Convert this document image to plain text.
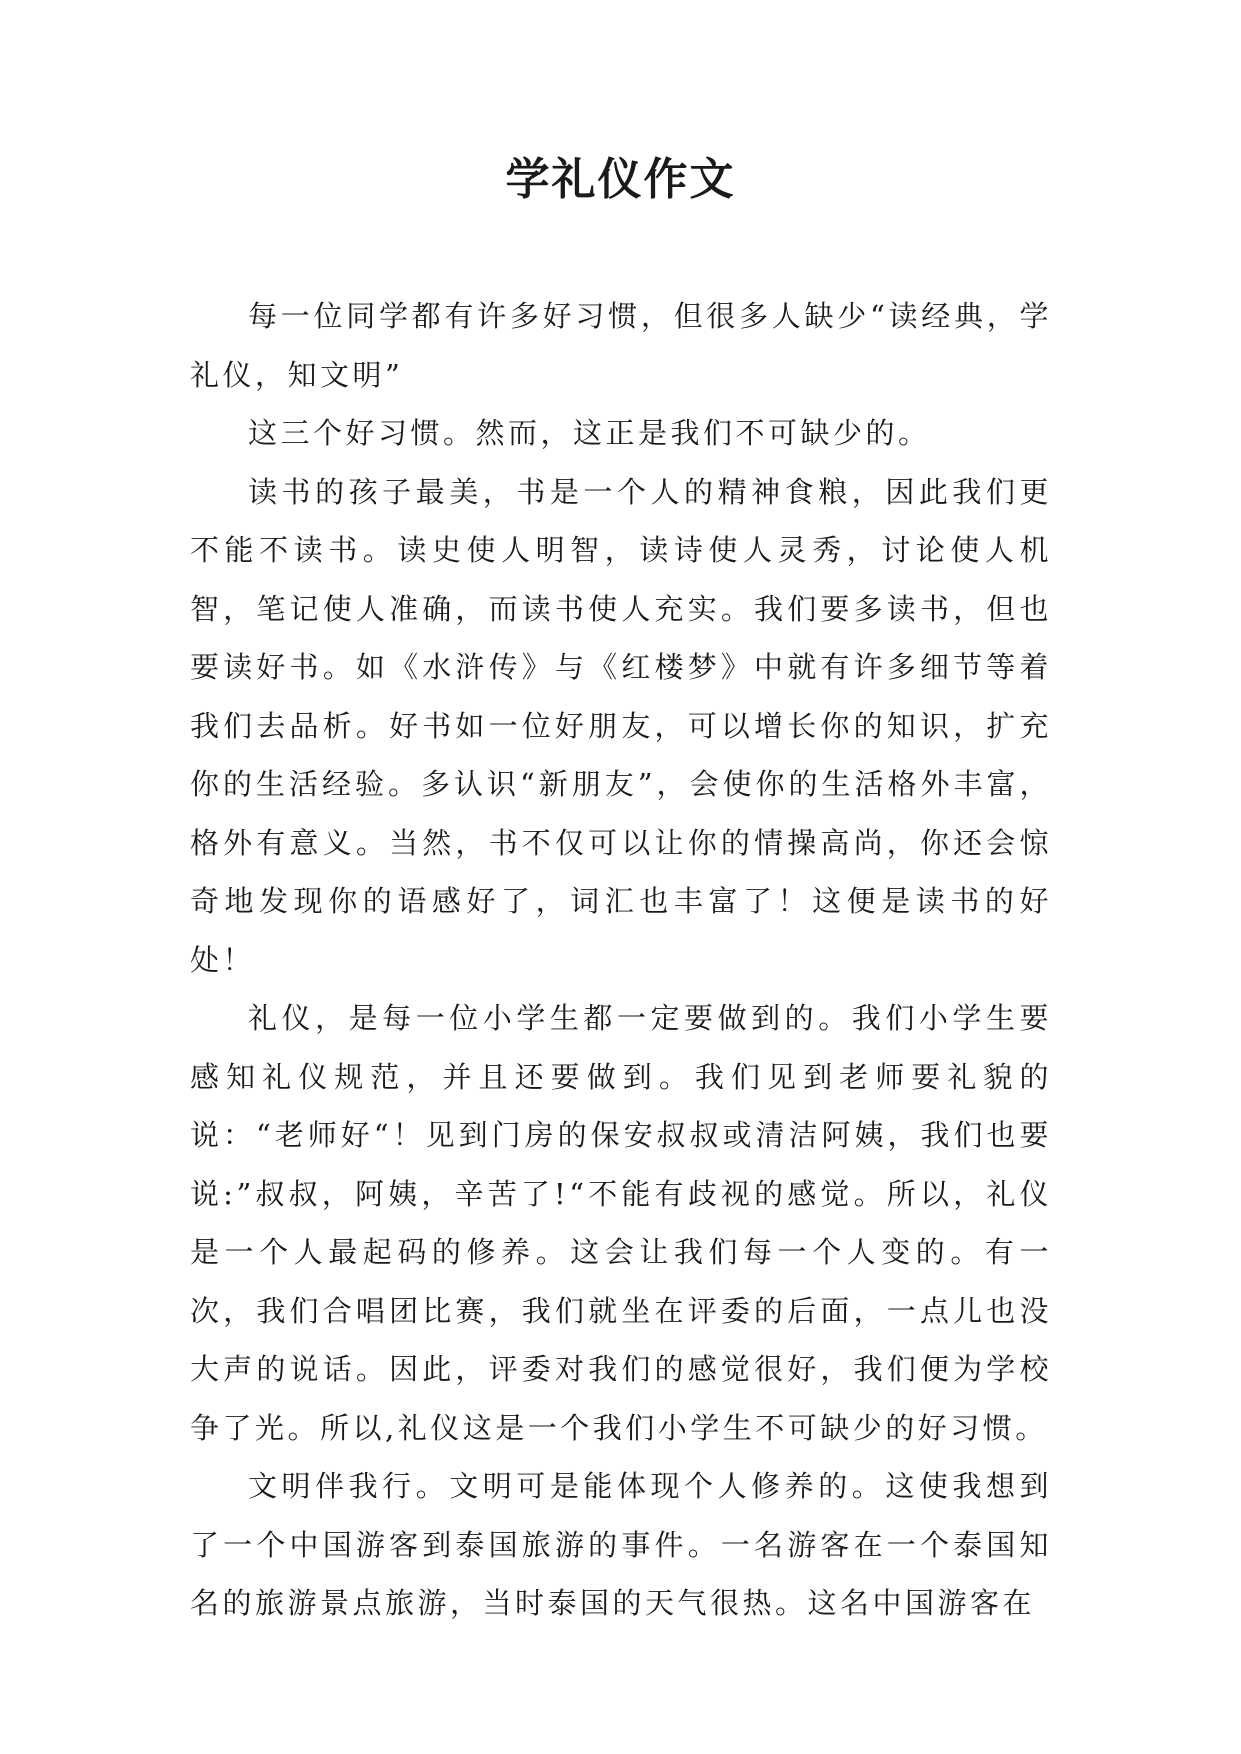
学礼仪作文

每一位同学都有许多好习惯，但很多人缺少“读经典，学礼仪，知文明”

这三个好习惯。然而，这正是我们不可缺少的。

读书的孩子最美，书是一个人的精神食粮，因此我们更不能不读书。读史使人明智，读诗使人灵秀，讨论使人机智，笔记使人准确，而读书使人充实。我们要多读书，但也要读好书。如《水浒传》与《红楼梦》中就有许多细节等着我们去品析。好书如一位好朋友，可以增长你的知识，扩充你的生活经验。多认识“新朋友”，会使你的生活格外丰富，格外有意义。当然，书不仅可以让你的情操高尚，你还会惊奇地发现你的语感好了，词汇也丰富了！这便是读书的好处！

礼仪，是每一位小学生都一定要做到的。我们小学生要感知礼仪规范，并且还要做到。我们见到老师要礼貌的说：“老师好“！见到门房的保安叔叔或清洁阿姨，我们也要说:”叔叔，阿姨，辛苦了!“不能有歧视的感觉。所以，礼仪是一个人最起码的修养。这会让我们每一个人变的。有一次，我们合唱团比赛，我们就坐在评委的后面，一点儿也没大声的说话。因此，评委对我们的感觉很好，我们便为学校争了光。所以,礼仪这是一个我们小学生不可缺少的好习惯。

文明伴我行。文明可是能体现个人修养的。这使我想到了一个中国游客到泰国旅游的事件。一名游客在一个泰国知名的旅游景点旅游，当时泰国的天气很热。这名中国游客在
